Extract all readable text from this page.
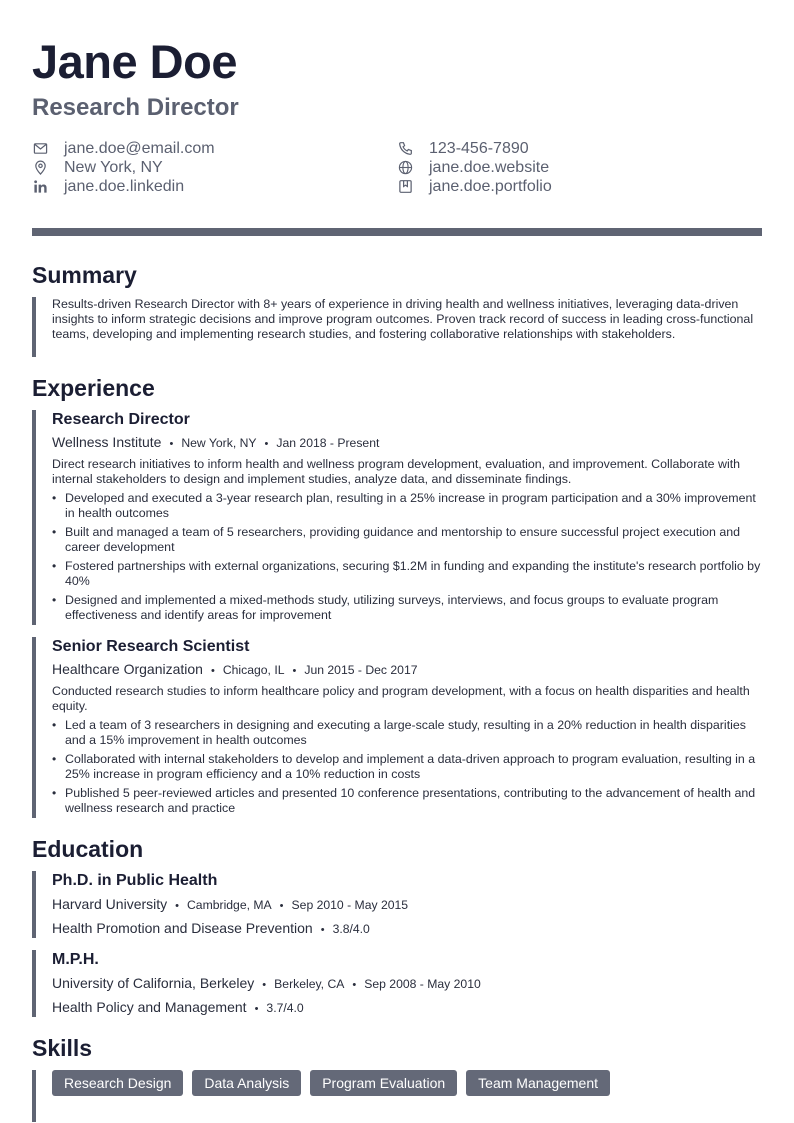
Jane Doe
Research Director
jane.doe@email.com
New York, NY
jane.doe.linkedin
123-456-7890
jane.doe.website
jane.doe.portfolio
Summary
Results-driven Research Director with 8+ years of experience in driving health and wellness initiatives, leveraging data-driven insights to inform strategic decisions and improve program outcomes. Proven track record of success in leading cross-functional teams, developing and implementing research studies, and fostering collaborative relationships with stakeholders.
Experience
Research Director
Wellness Institute • New York, NY • Jan 2018 - Present
Direct research initiatives to inform health and wellness program development, evaluation, and improvement. Collaborate with internal stakeholders to design and implement studies, analyze data, and disseminate findings.
• Developed and executed a 3-year research plan, resulting in a 25% increase in program participation and a 30% improvement in health outcomes
• Built and managed a team of 5 researchers, providing guidance and mentorship to ensure successful project execution and career development
• Fostered partnerships with external organizations, securing $1.2M in funding and expanding the institute's research portfolio by 40%
• Designed and implemented a mixed-methods study, utilizing surveys, interviews, and focus groups to evaluate program effectiveness and identify areas for improvement
Senior Research Scientist
Healthcare Organization • Chicago, IL • Jun 2015 - Dec 2017
Conducted research studies to inform healthcare policy and program development, with a focus on health disparities and health equity.
• Led a team of 3 researchers in designing and executing a large-scale study, resulting in a 20% reduction in health disparities and a 15% improvement in health outcomes
• Collaborated with internal stakeholders to develop and implement a data-driven approach to program evaluation, resulting in a 25% increase in program efficiency and a 10% reduction in costs
• Published 5 peer-reviewed articles and presented 10 conference presentations, contributing to the advancement of health and wellness research and practice
Education
Ph.D. in Public Health
Harvard University • Cambridge, MA • Sep 2010 - May 2015
Health Promotion and Disease Prevention • 3.8/4.0
M.P.H.
University of California, Berkeley • Berkeley, CA • Sep 2008 - May 2010
Health Policy and Management • 3.7/4.0
Skills
Research Design	Data Analysis	Program Evaluation	Team Management
